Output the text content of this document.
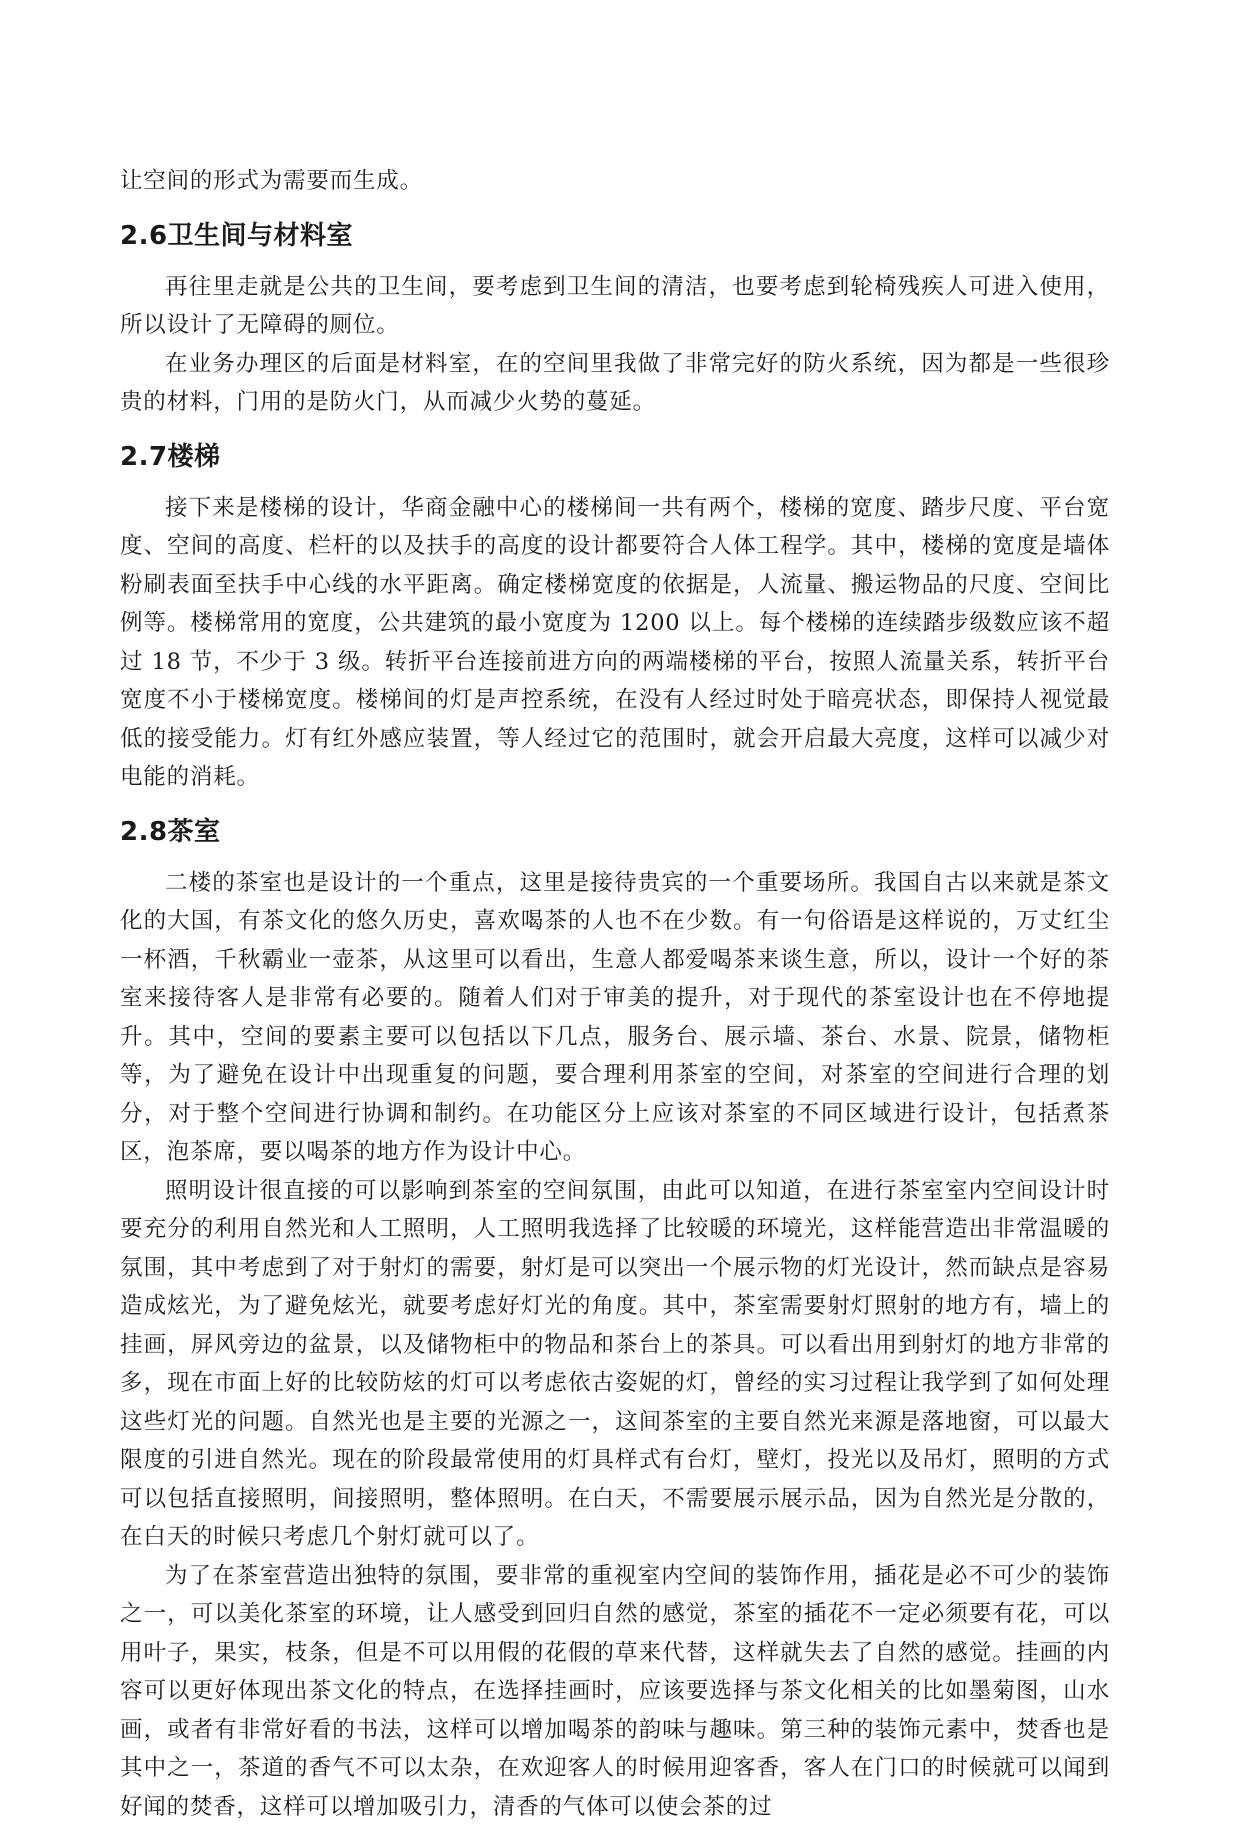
让空间的形式为需要而生成。

2.6卫生间与材料室

再往里走就是公共的卫生间，要考虑到卫生间的清洁，也要考虑到轮椅残疾人可进入使用，所以设计了无障碍的厕位。

在业务办理区的后面是材料室，在的空间里我做了非常完好的防火系统，因为都是一些很珍贵的材料，门用的是防火门，从而减少火势的蔓延。

2.7楼梯

接下来是楼梯的设计，华商金融中心的楼梯间一共有两个，楼梯的宽度、踏步尺度、平台宽度、空间的高度、栏杆的以及扶手的高度的设计都要符合人体工程学。其中，楼梯的宽度是墙体粉刷表面至扶手中心线的水平距离。确定楼梯宽度的依据是，人流量、搬运物品的尺度、空间比例等。楼梯常用的宽度，公共建筑的最小宽度为 1200 以上。每个楼梯的连续踏步级数应该不超过 18 节，不少于 3 级。转折平台连接前进方向的两端楼梯的平台，按照人流量关系，转折平台宽度不小于楼梯宽度。楼梯间的灯是声控系统，在没有人经过时处于暗亮状态，即保持人视觉最低的接受能力。灯有红外感应装置，等人经过它的范围时，就会开启最大亮度，这样可以减少对电能的消耗。

2.8茶室

二楼的茶室也是设计的一个重点，这里是接待贵宾的一个重要场所。我国自古以来就是茶文化的大国，有茶文化的悠久历史，喜欢喝茶的人也不在少数。有一句俗语是这样说的，万丈红尘一杯酒，千秋霸业一壶茶，从这里可以看出，生意人都爱喝茶来谈生意，所以，设计一个好的茶室来接待客人是非常有必要的。随着人们对于审美的提升，对于现代的茶室设计也在不停地提升。其中，空间的要素主要可以包括以下几点，服务台、展示墙、茶台、水景、院景，储物柜等，为了避免在设计中出现重复的问题，要合理利用茶室的空间，对茶室的空间进行合理的划分，对于整个空间进行协调和制约。在功能区分上应该对茶室的不同区域进行设计，包括煮茶区，泡茶席，要以喝茶的地方作为设计中心。

照明设计很直接的可以影响到茶室的空间氛围，由此可以知道，在进行茶室室内空间设计时要充分的利用自然光和人工照明，人工照明我选择了比较暖的环境光，这样能营造出非常温暖的氛围，其中考虑到了对于射灯的需要，射灯是可以突出一个展示物的灯光设计，然而缺点是容易造成炫光，为了避免炫光，就要考虑好灯光的角度。其中，茶室需要射灯照射的地方有，墙上的挂画，屏风旁边的盆景，以及储物柜中的物品和茶台上的茶具。可以看出用到射灯的地方非常的多，现在市面上好的比较防炫的灯可以考虑依古姿妮的灯，曾经的实习过程让我学到了如何处理这些灯光的问题。自然光也是主要的光源之一，这间茶室的主要自然光来源是落地窗，可以最大限度的引进自然光。现在的阶段最常使用的灯具样式有台灯，壁灯，投光以及吊灯，照明的方式可以包括直接照明，间接照明，整体照明。在白天，不需要展示展示品，因为自然光是分散的，在白天的时候只考虑几个射灯就可以了。

为了在茶室营造出独特的氛围，要非常的重视室内空间的装饰作用，插花是必不可少的装饰之一，可以美化茶室的环境，让人感受到回归自然的感觉，茶室的插花不一定必须要有花，可以用叶子，果实，枝条，但是不可以用假的花假的草来代替，这样就失去了自然的感觉。挂画的内容可以更好体现出茶文化的特点，在选择挂画时，应该要选择与茶文化相关的比如墨菊图，山水画，或者有非常好看的书法，这样可以增加喝茶的韵味与趣味。第三种的装饰元素中，焚香也是其中之一，茶道的香气不可以太杂，在欢迎客人的时候用迎客香，客人在门口的时候就可以闻到好闻的焚香，这样可以增加吸引力，清香的气体可以使会茶的过
